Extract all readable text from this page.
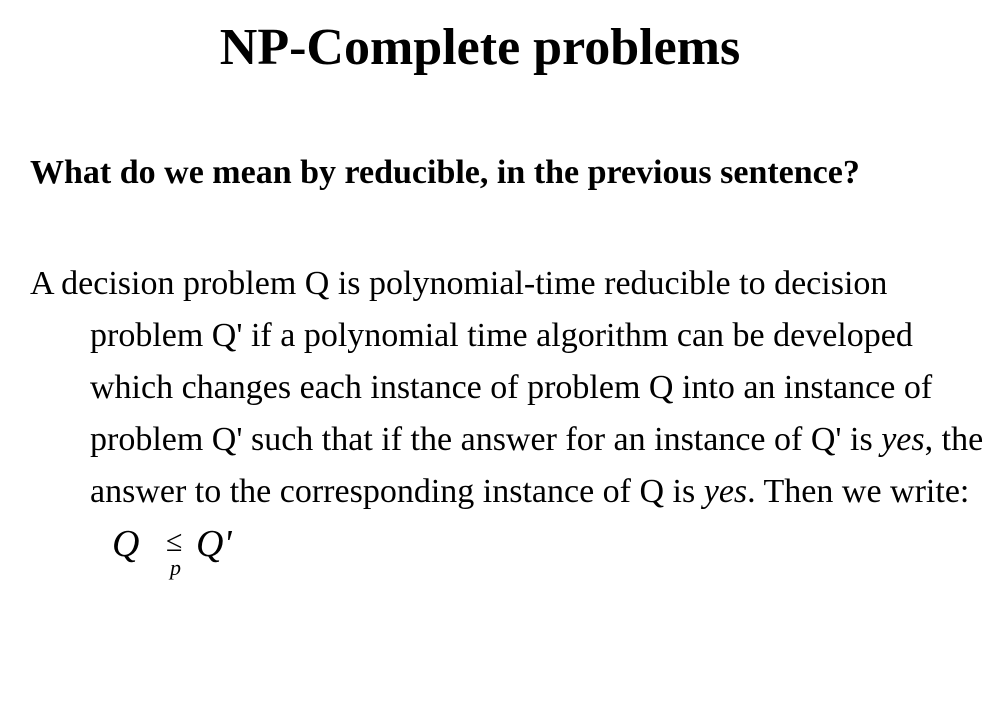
NP-Complete problems

What do we mean by reducible, in the previous sentence?

A decision problem Q is polynomial-time reducible to decision problem Q' if a polynomial time algorithm can be developed which changes each instance of problem Q into an instance of problem Q' such that if the answer for an instance of Q' is yes, the answer to the corresponding instance of Q is yes. Then we write:
Q ≤
p
Q'
